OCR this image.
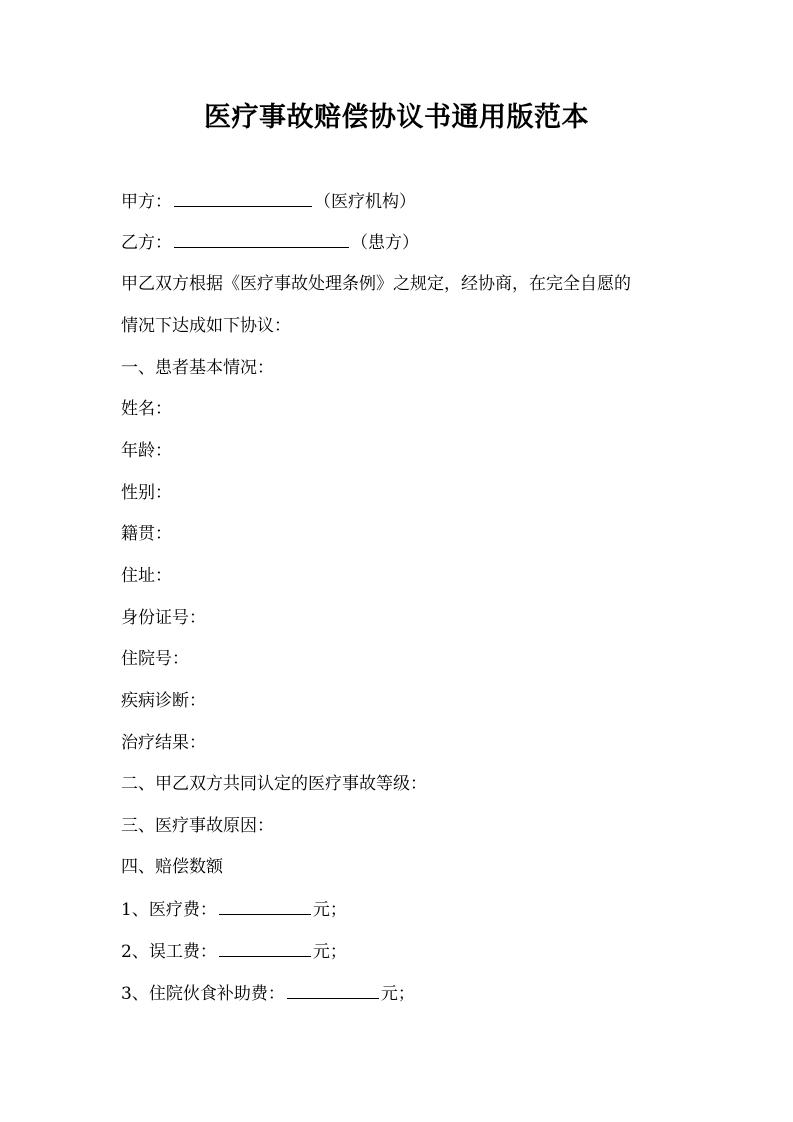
医疗事故赔偿协议书通用版范本
甲方：	（医疗机构）
乙方：	（患方）
甲乙双方根据《医疗事故处理条例》之规定，经协商，在完全自愿的
情况下达成如下协议：
一、患者基本情况：
姓名：
年龄：
性别：
籍贯：
住址：
身份证号：
住院号：
疾病诊断：
治疗结果：
二、甲乙双方共同认定的医疗事故等级：
三、医疗事故原因：
四、赔偿数额
1、医疗费：	元；
2、误工费：	元；
3、住院伙食补助费：	元；
